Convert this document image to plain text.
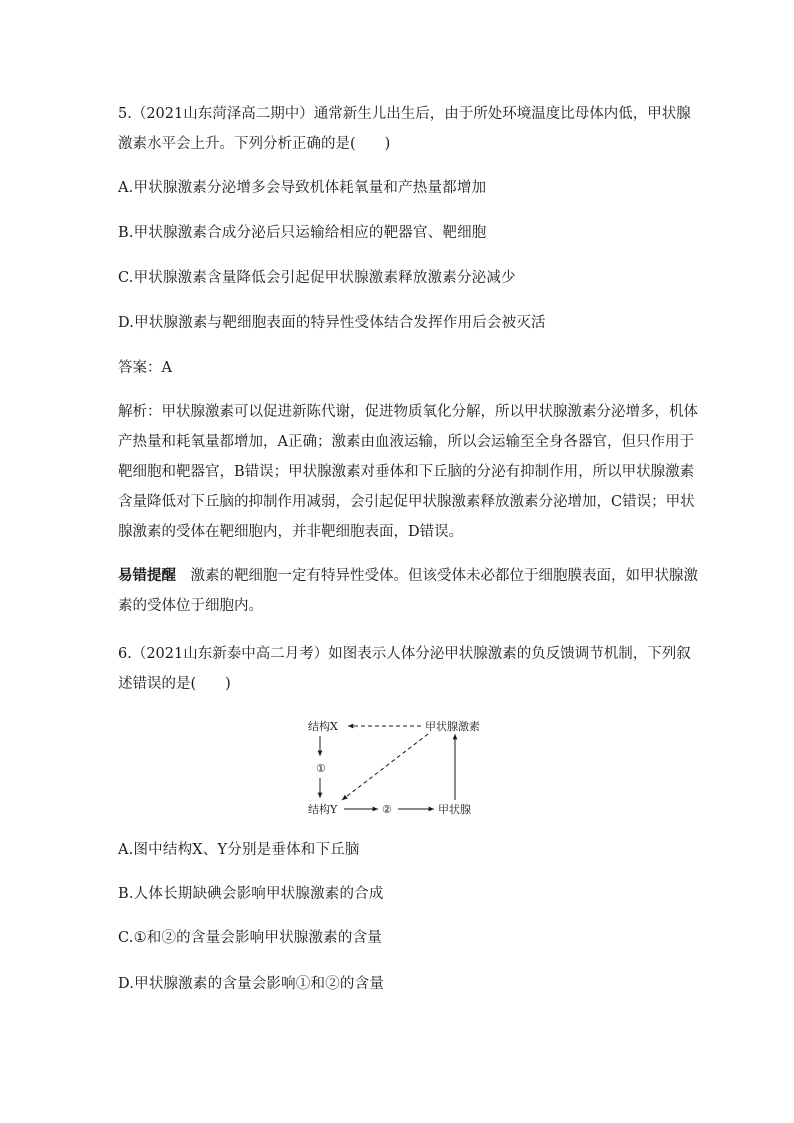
5.（2021山东菏泽高二期中）通常新生儿出生后，由于所处环境温度比母体内低，甲状腺
激素水平会上升。下列分析正确的是(　　)
A.甲状腺激素分泌增多会导致机体耗氧量和产热量都增加
B.甲状腺激素合成分泌后只运输给相应的靶器官、靶细胞
C.甲状腺激素含量降低会引起促甲状腺激素释放激素分泌减少
D.甲状腺激素与靶细胞表面的特异性受体结合发挥作用后会被灭活
答案：A
解析：甲状腺激素可以促进新陈代谢，促进物质氧化分解，所以甲状腺激素分泌增多，机体
产热量和耗氧量都增加，A正确；激素由血液运输，所以会运输至全身各器官，但只作用于
靶细胞和靶器官，B错误；甲状腺激素对垂体和下丘脑的分泌有抑制作用，所以甲状腺激素
含量降低对下丘脑的抑制作用减弱，会引起促甲状腺激素释放激素分泌增加，C错误；甲状
腺激素的受体在靶细胞内，并非靶细胞表面，D错误。
易错提醒　激素的靶细胞一定有特异性受体。但该受体未必都位于细胞膜表面，如甲状腺激
素的受体位于细胞内。
6.（2021山东新泰中高二月考）如图表示人体分泌甲状腺激素的负反馈调节机制，下列叙
述错误的是(　　)
结构X	甲状腺激素
①
结构Y	②	甲状腺
A.图中结构X、Y分别是垂体和下丘脑
B.人体长期缺碘会影响甲状腺激素的合成
C.①和②的含量会影响甲状腺激素的含量
D.甲状腺激素的含量会影响①和②的含量
